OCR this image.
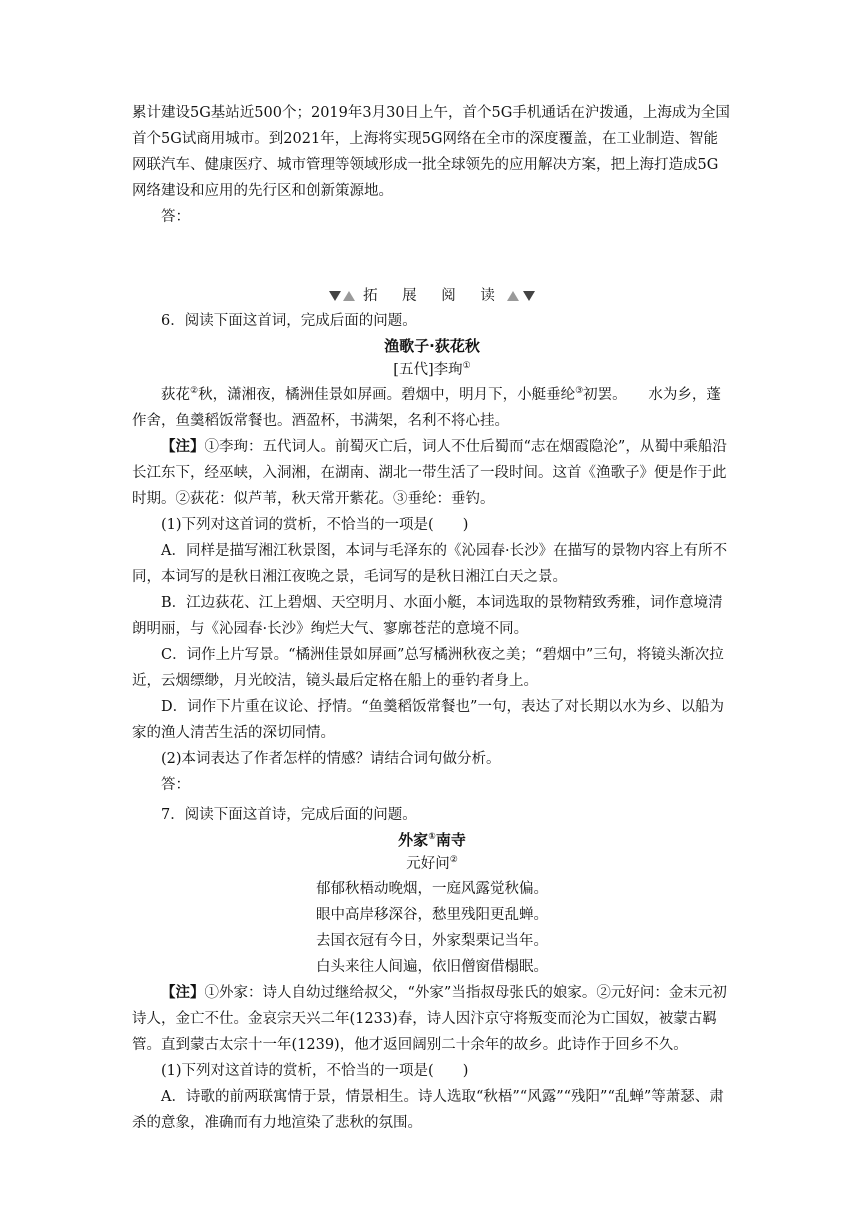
累计建设5G基站近500个；2019年3月30日上午，首个5G手机通话在沪拨通，上海成为全国首个5G试商用城市。到2021年，上海将实现5G网络在全市的深度覆盖，在工业制造、智能网联汽车、健康医疗、城市管理等领域形成一批全球领先的应用解决方案，把上海打造成5G网络建设和应用的先行区和创新策源地。

答：

拓 展 阅 读

6．阅读下面这首词，完成后面的问题。

渔歌子·荻花秋
[五代]李珣①

荻花②秋，潇湘夜，橘洲佳景如屏画。碧烟中，明月下，小艇垂纶③初罢。　　水为乡，蓬作舍，鱼羹稻饭常餐也。酒盈杯，书满架，名利不将心挂。

【注】①李珣：五代词人。前蜀灭亡后，词人不仕后蜀而“志在烟霞隐沦”，从蜀中乘船沿长江东下，经巫峡，入洞湘，在湖南、湖北一带生活了一段时间。这首《渔歌子》便是作于此时期。②荻花：似芦苇，秋天常开紫花。③垂纶：垂钓。

(1)下列对这首词的赏析，不恰当的一项是(　　)

A．同样是描写湘江秋景图，本词与毛泽东的《沁园春·长沙》在描写的景物内容上有所不同，本词写的是秋日湘江夜晚之景，毛词写的是秋日湘江白天之景。

B．江边荻花、江上碧烟、天空明月、水面小艇，本词选取的景物精致秀雅，词作意境清朗明丽，与《沁园春·长沙》绚烂大气、寥廓苍茫的意境不同。

C．词作上片写景。“橘洲佳景如屏画”总写橘洲秋夜之美；“碧烟中”三句，将镜头渐次拉近，云烟缥缈，月光皎洁，镜头最后定格在船上的垂钓者身上。

D．词作下片重在议论、抒情。“鱼羹稻饭常餐也”一句，表达了对长期以水为乡、以船为家的渔人清苦生活的深切同情。

(2)本词表达了作者怎样的情感？请结合词句做分析。

答：

7．阅读下面这首诗，完成后面的问题。

外家①南寺
元好问②

郁郁秋梧动晚烟，一庭风露觉秋偏。

眼中高岸移深谷，愁里残阳更乱蝉。

去国衣冠有今日，外家梨栗记当年。

白头来往人间遍，依旧僧窗借榻眠。

【注】①外家：诗人自幼过继给叔父，“外家”当指叔母张氏的娘家。②元好问：金末元初诗人，金亡不仕。金哀宗天兴二年(1233)春，诗人因汴京守将叛变而沦为亡国奴，被蒙古羁管。直到蒙古太宗十一年(1239)，他才返回阔别二十余年的故乡。此诗作于回乡不久。

(1)下列对这首诗的赏析，不恰当的一项是(　　)

A．诗歌的前两联寓情于景，情景相生。诗人选取“秋梧”“风露”“残阳”“乱蝉”等萧瑟、肃杀的意象，准确而有力地渲染了悲秋的氛围。
